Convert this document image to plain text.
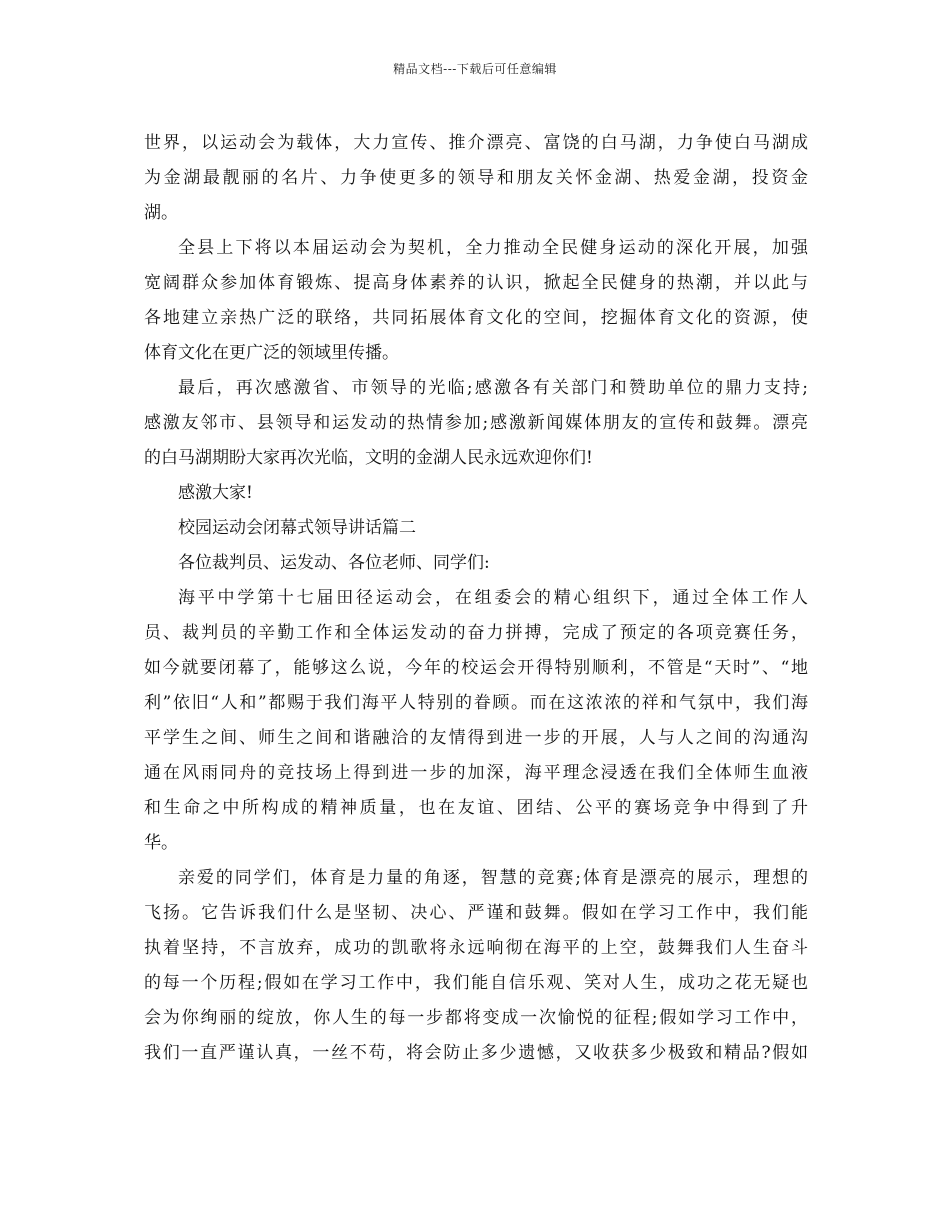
精品文档---下载后可任意编辑
世界，以运动会为载体，大力宣传、推介漂亮、富饶的白马湖，力争使白马湖成
为金湖最靓丽的名片、力争使更多的领导和朋友关怀金湖、热爱金湖，投资金
湖。
全县上下将以本届运动会为契机，全力推动全民健身运动的深化开展，加强
宽阔群众参加体育锻炼、提高身体素养的认识，掀起全民健身的热潮，并以此与
各地建立亲热广泛的联络，共同拓展体育文化的空间，挖掘体育文化的资源，使
体育文化在更广泛的领域里传播。
最后，再次感激省、市领导的光临;感激各有关部门和赞助单位的鼎力支持;
感激友邻市、县领导和运发动的热情参加;感激新闻媒体朋友的宣传和鼓舞。漂亮
的白马湖期盼大家再次光临，文明的金湖人民永远欢迎你们!
感激大家!
校园运动会闭幕式领导讲话篇二
各位裁判员、运发动、各位老师、同学们:
海平中学第十七届田径运动会，在组委会的精心组织下，通过全体工作人
员、裁判员的辛勤工作和全体运发动的奋力拼搏，完成了预定的各项竞赛任务，
如今就要闭幕了，能够这么说，今年的校运会开得特别顺利，不管是“天时”、“地
利”依旧“人和”都赐于我们海平人特别的眷顾。而在这浓浓的祥和气氛中，我们海
平学生之间、师生之间和谐融洽的友情得到进一步的开展，人与人之间的沟通沟
通在风雨同舟的竞技场上得到进一步的加深，海平理念浸透在我们全体师生血液
和生命之中所构成的精神质量，也在友谊、团结、公平的赛场竞争中得到了升
华。
亲爱的同学们，体育是力量的角逐，智慧的竞赛;体育是漂亮的展示，理想的
飞扬。它告诉我们什么是坚韧、决心、严谨和鼓舞。假如在学习工作中，我们能
执着坚持，不言放弃，成功的凯歌将永远响彻在海平的上空，鼓舞我们人生奋斗
的每一个历程;假如在学习工作中，我们能自信乐观、笑对人生，成功之花无疑也
会为你绚丽的绽放，你人生的每一步都将变成一次愉悦的征程;假如学习工作中，
我们一直严谨认真，一丝不苟，将会防止多少遗憾，又收获多少极致和精品?假如
